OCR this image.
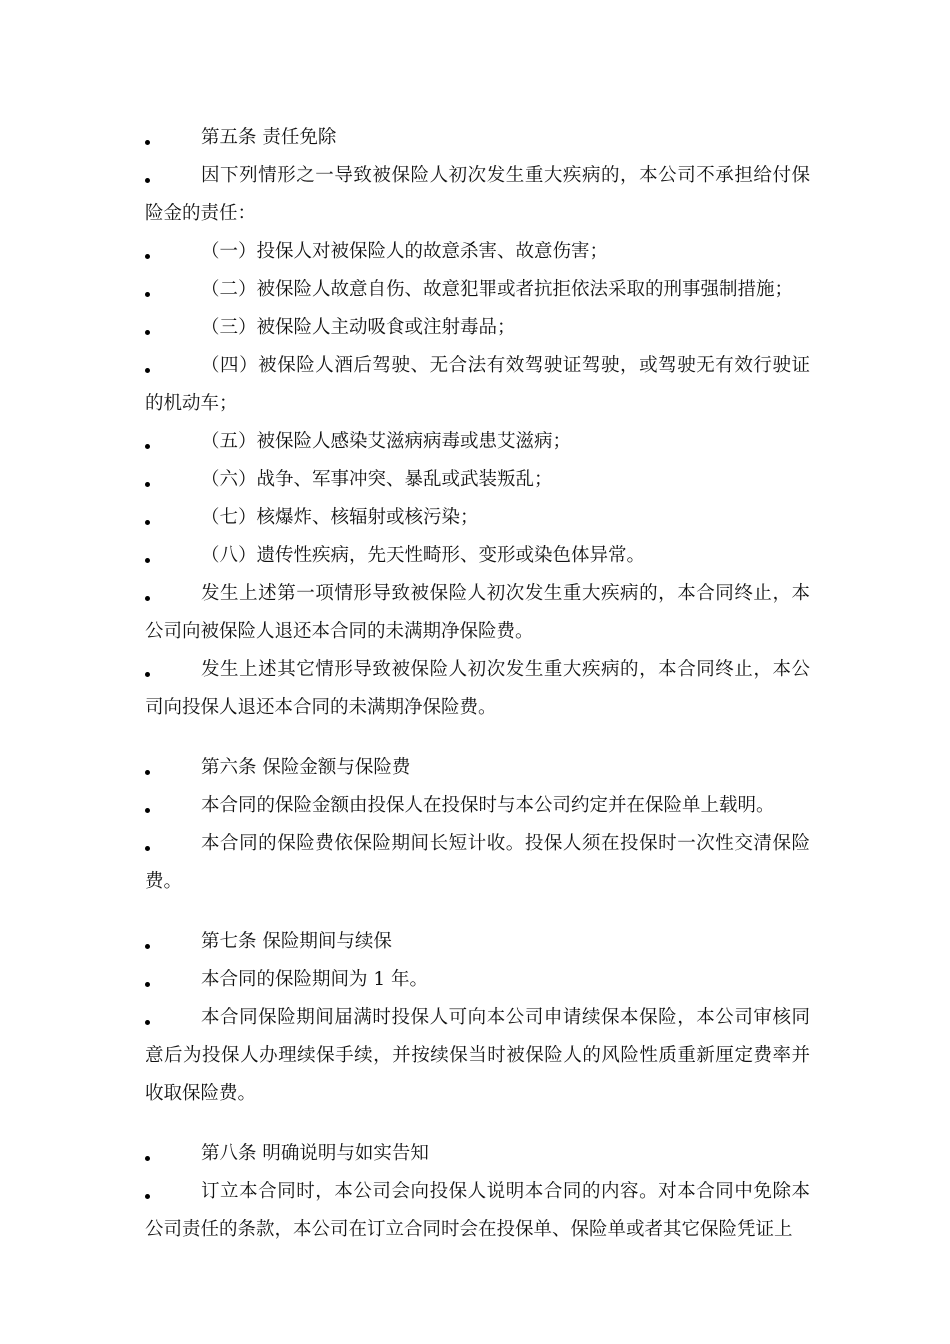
第五条 责任免除

因下列情形之一导致被保险人初次发生重大疾病的，本公司不承担给付保险金的责任：

（一）投保人对被保险人的故意杀害、故意伤害；

（二）被保险人故意自伤、故意犯罪或者抗拒依法采取的刑事强制措施；

（三）被保险人主动吸食或注射毒品；

（四）被保险人酒后驾驶、无合法有效驾驶证驾驶，或驾驶无有效行驶证的机动车；

（五）被保险人感染艾滋病病毒或患艾滋病；

（六）战争、军事冲突、暴乱或武装叛乱；

（七）核爆炸、核辐射或核污染；

（八）遗传性疾病，先天性畸形、变形或染色体异常。

发生上述第一项情形导致被保险人初次发生重大疾病的，本合同终止，本公司向被保险人退还本合同的未满期净保险费。

发生上述其它情形导致被保险人初次发生重大疾病的，本合同终止，本公司向投保人退还本合同的未满期净保险费。

第六条 保险金额与保险费

本合同的保险金额由投保人在投保时与本公司约定并在保险单上载明。

本合同的保险费依保险期间长短计收。投保人须在投保时一次性交清保险费。

第七条 保险期间与续保

本合同的保险期间为 1 年。

本合同保险期间届满时投保人可向本公司申请续保本保险，本公司审核同意后为投保人办理续保手续，并按续保当时被保险人的风险性质重新厘定费率并收取保险费。

第八条 明确说明与如实告知

订立本合同时，本公司会向投保人说明本合同的内容。对本合同中免除本公司责任的条款，本公司在订立合同时会在投保单、保险单或者其它保险凭证上
